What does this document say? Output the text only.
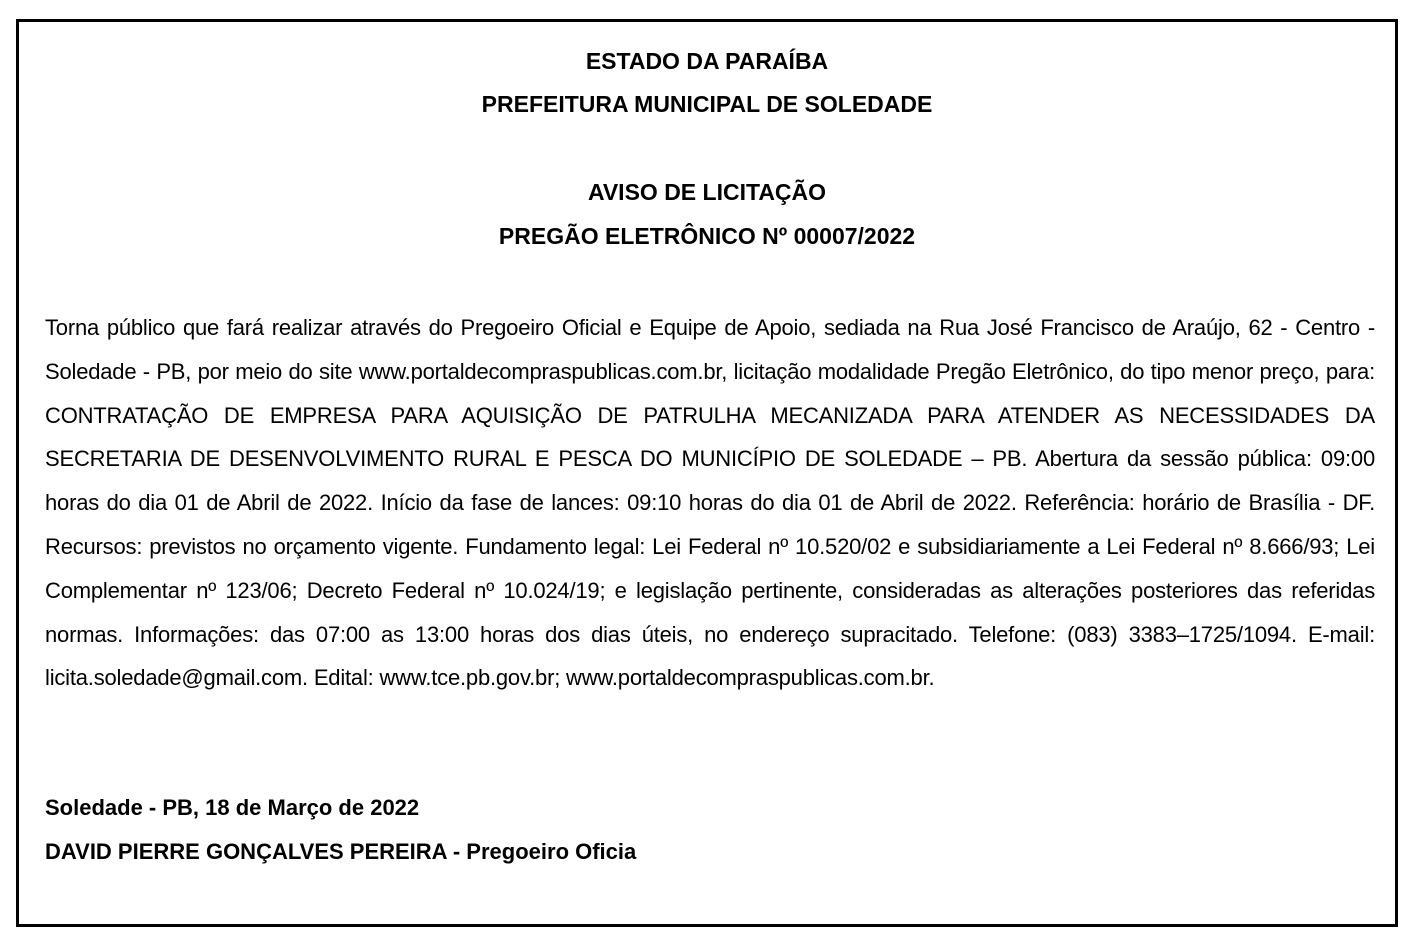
ESTADO DA PARAÍBA
PREFEITURA MUNICIPAL DE SOLEDADE
AVISO DE LICITAÇÃO
PREGÃO ELETRÔNICO Nº 00007/2022

Torna público que fará realizar através do Pregoeiro Oficial e Equipe de Apoio, sediada na Rua José Francisco de Araújo, 62 - Centro - Soledade - PB, por meio do site www.portaldecompraspublicas.com.br, licitação modalidade Pregão Eletrônico, do tipo menor preço, para: CONTRATAÇÃO DE EMPRESA PARA AQUISIÇÃO DE PATRULHA MECANIZADA PARA ATENDER AS NECESSIDADES DA SECRETARIA DE DESENVOLVIMENTO RURAL E PESCA DO MUNICÍPIO DE SOLEDADE – PB. Abertura da sessão pública: 09:00 horas do dia 01 de Abril de 2022. Início da fase de lances: 09:10 horas do dia 01 de Abril de 2022. Referência: horário de Brasília - DF. Recursos: previstos no orçamento vigente. Fundamento legal: Lei Federal nº 10.520/02 e subsidiariamente a Lei Federal nº 8.666/93; Lei Complementar nº 123/06; Decreto Federal nº 10.024/19; e legislação pertinente, consideradas as alterações posteriores das referidas normas. Informações: das 07:00 as 13:00 horas dos dias úteis, no endereço supracitado. Telefone: (083) 3383–1725/1094. E-mail: licita.soledade@gmail.com. Edital: www.tce.pb.gov.br; www.portaldecompraspublicas.com.br.

Soledade - PB, 18 de Março de 2022
DAVID PIERRE GONÇALVES PEREIRA - Pregoeiro Oficia
